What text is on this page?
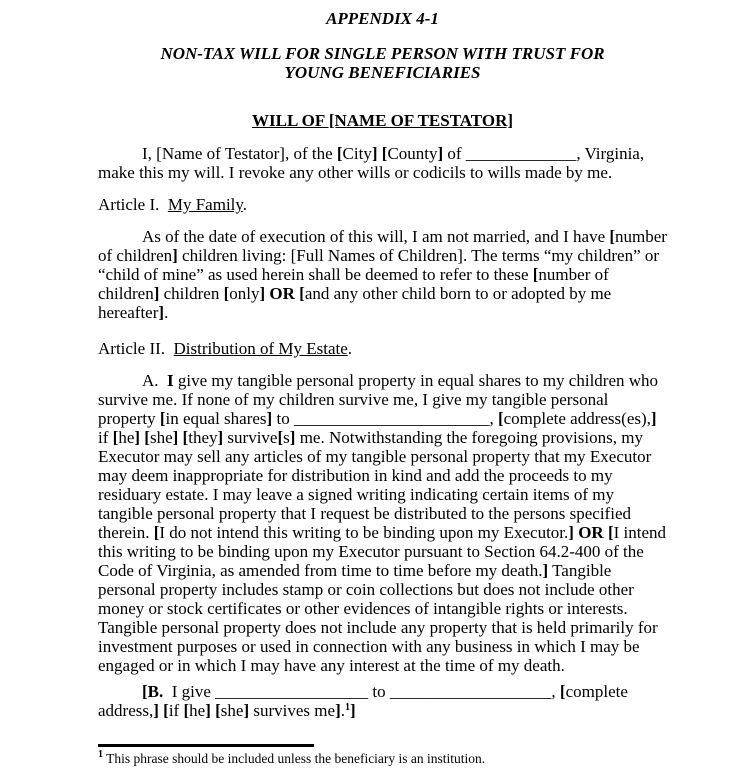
APPENDIX 4-1
NON-TAX WILL FOR SINGLE PERSON WITH TRUST FOR
YOUNG BENEFICIARIES
WILL OF [NAME OF TESTATOR]

I, [Name of Testator], of the [City] [County] of _____________, Virginia, make this my will. I revoke any other wills or codicils to wills made by me.

Article I.  My Family.

As of the date of execution of this will, I am not married, and I have [number of children] children living: [Full Names of Children]. The terms “my children” or “child of mine” as used herein shall be deemed to refer to these [number of children] children [only] OR [and any other child born to or adopted by me hereafter].

Article II.  Distribution of My Estate.

A.  I give my tangible personal property in equal shares to my children who survive me. If none of my children survive me, I give my tangible personal property [in equal shares] to _______________________, [complete address(es),] if [he] [she] [they] survive[s] me. Notwithstanding the foregoing provisions, my Executor may sell any articles of my tangible personal property that my Executor may deem inappropriate for distribution in kind and add the proceeds to my residuary estate. I may leave a signed writing indicating certain items of my tangible personal property that I request be distributed to the persons specified therein. [I do not intend this writing to be binding upon my Executor.] OR [I intend this writing to be binding upon my Executor pursuant to Section 64.2-400 of the Code of Virginia, as amended from time to time before my death.] Tangible personal property includes stamp or coin collections but does not include other money or stock certificates or other evidences of intangible rights or interests. Tangible personal property does not include any property that is held primarily for investment purposes or used in connection with any business in which I may be engaged or in which I may have any interest at the time of my death.

[B.  I give __________________ to ___________________, [complete address,] [if [he] [she] survives me].$^1$]

$^1$ This phrase should be included unless the beneficiary is an institution.
